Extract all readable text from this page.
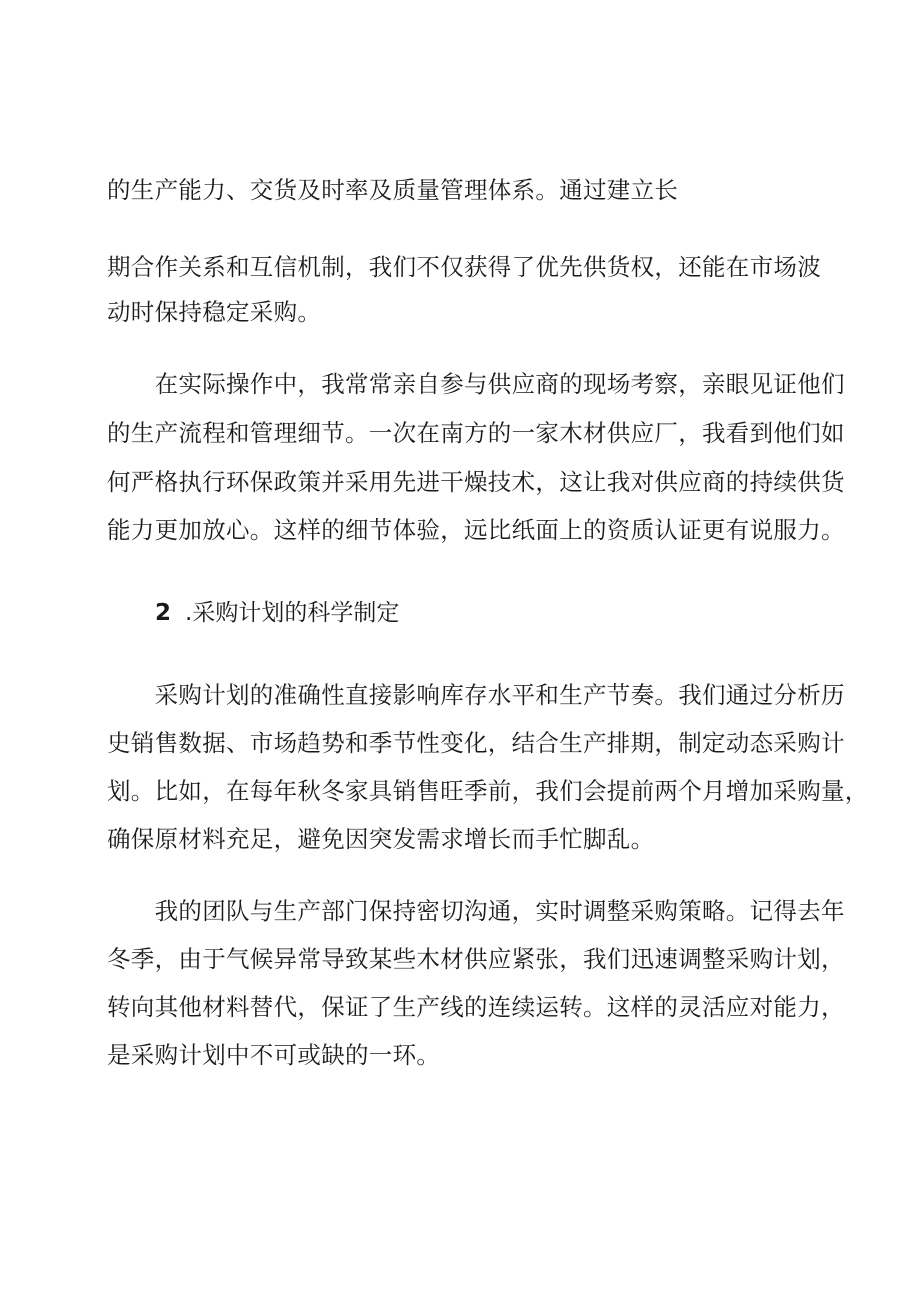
的生产能力、交货及时率及质量管理体系。通过建立长
期合作关系和互信机制，我们不仅获得了优先供货权，还能在市场波
动时保持稳定采购。
　　在实际操作中，我常常亲自参与供应商的现场考察，亲眼见证他们
的生产流程和管理细节。一次在南方的一家木材供应厂，我看到他们如
何严格执行环保政策并采用先进干燥技术，这让我对供应商的持续供货
能力更加放心。这样的细节体验，远比纸面上的资质认证更有说服力。
2 .采购计划的科学制定
　　采购计划的准确性直接影响库存水平和生产节奏。我们通过分析历
史销售数据、市场趋势和季节性变化，结合生产排期，制定动态采购计
划。比如，在每年秋冬家具销售旺季前，我们会提前两个月增加采购量，
确保原材料充足，避免因突发需求增长而手忙脚乱。
　　我的团队与生产部门保持密切沟通，实时调整采购策略。记得去年
冬季，由于气候异常导致某些木材供应紧张，我们迅速调整采购计划，
转向其他材料替代，保证了生产线的连续运转。这样的灵活应对能力，
是采购计划中不可或缺的一环。
